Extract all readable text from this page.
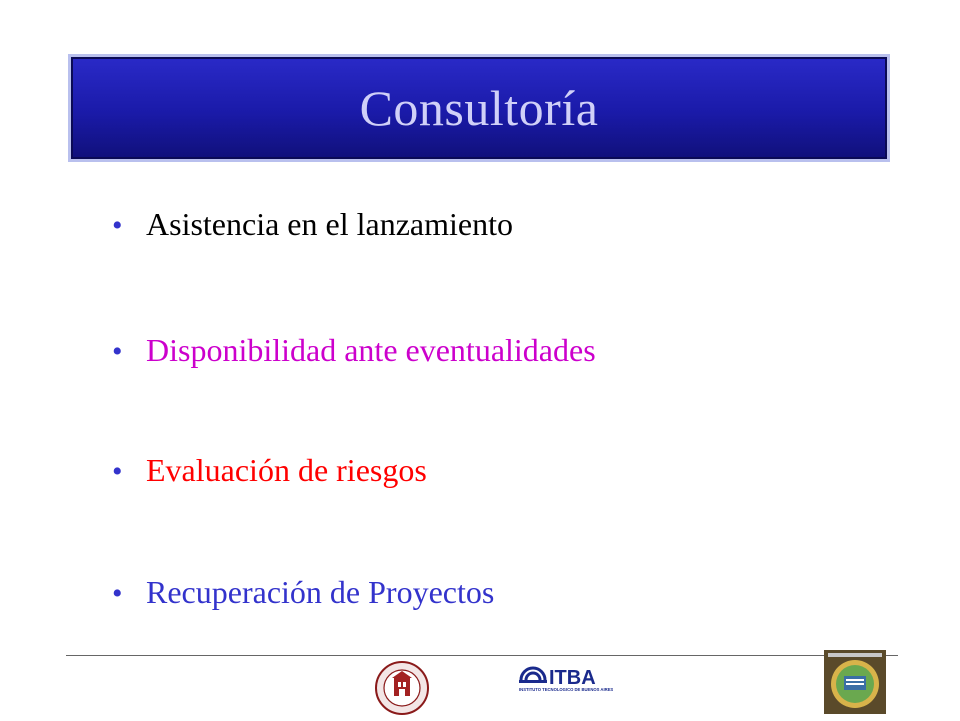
Consultoría
• Asistencia en el lanzamiento
• Disponibilidad ante eventualidades
• Evaluación de riesgos
• Recuperación de Proyectos
ITBA
INSTITUTO TECNOLOGICO DE BUENOS AIRES
